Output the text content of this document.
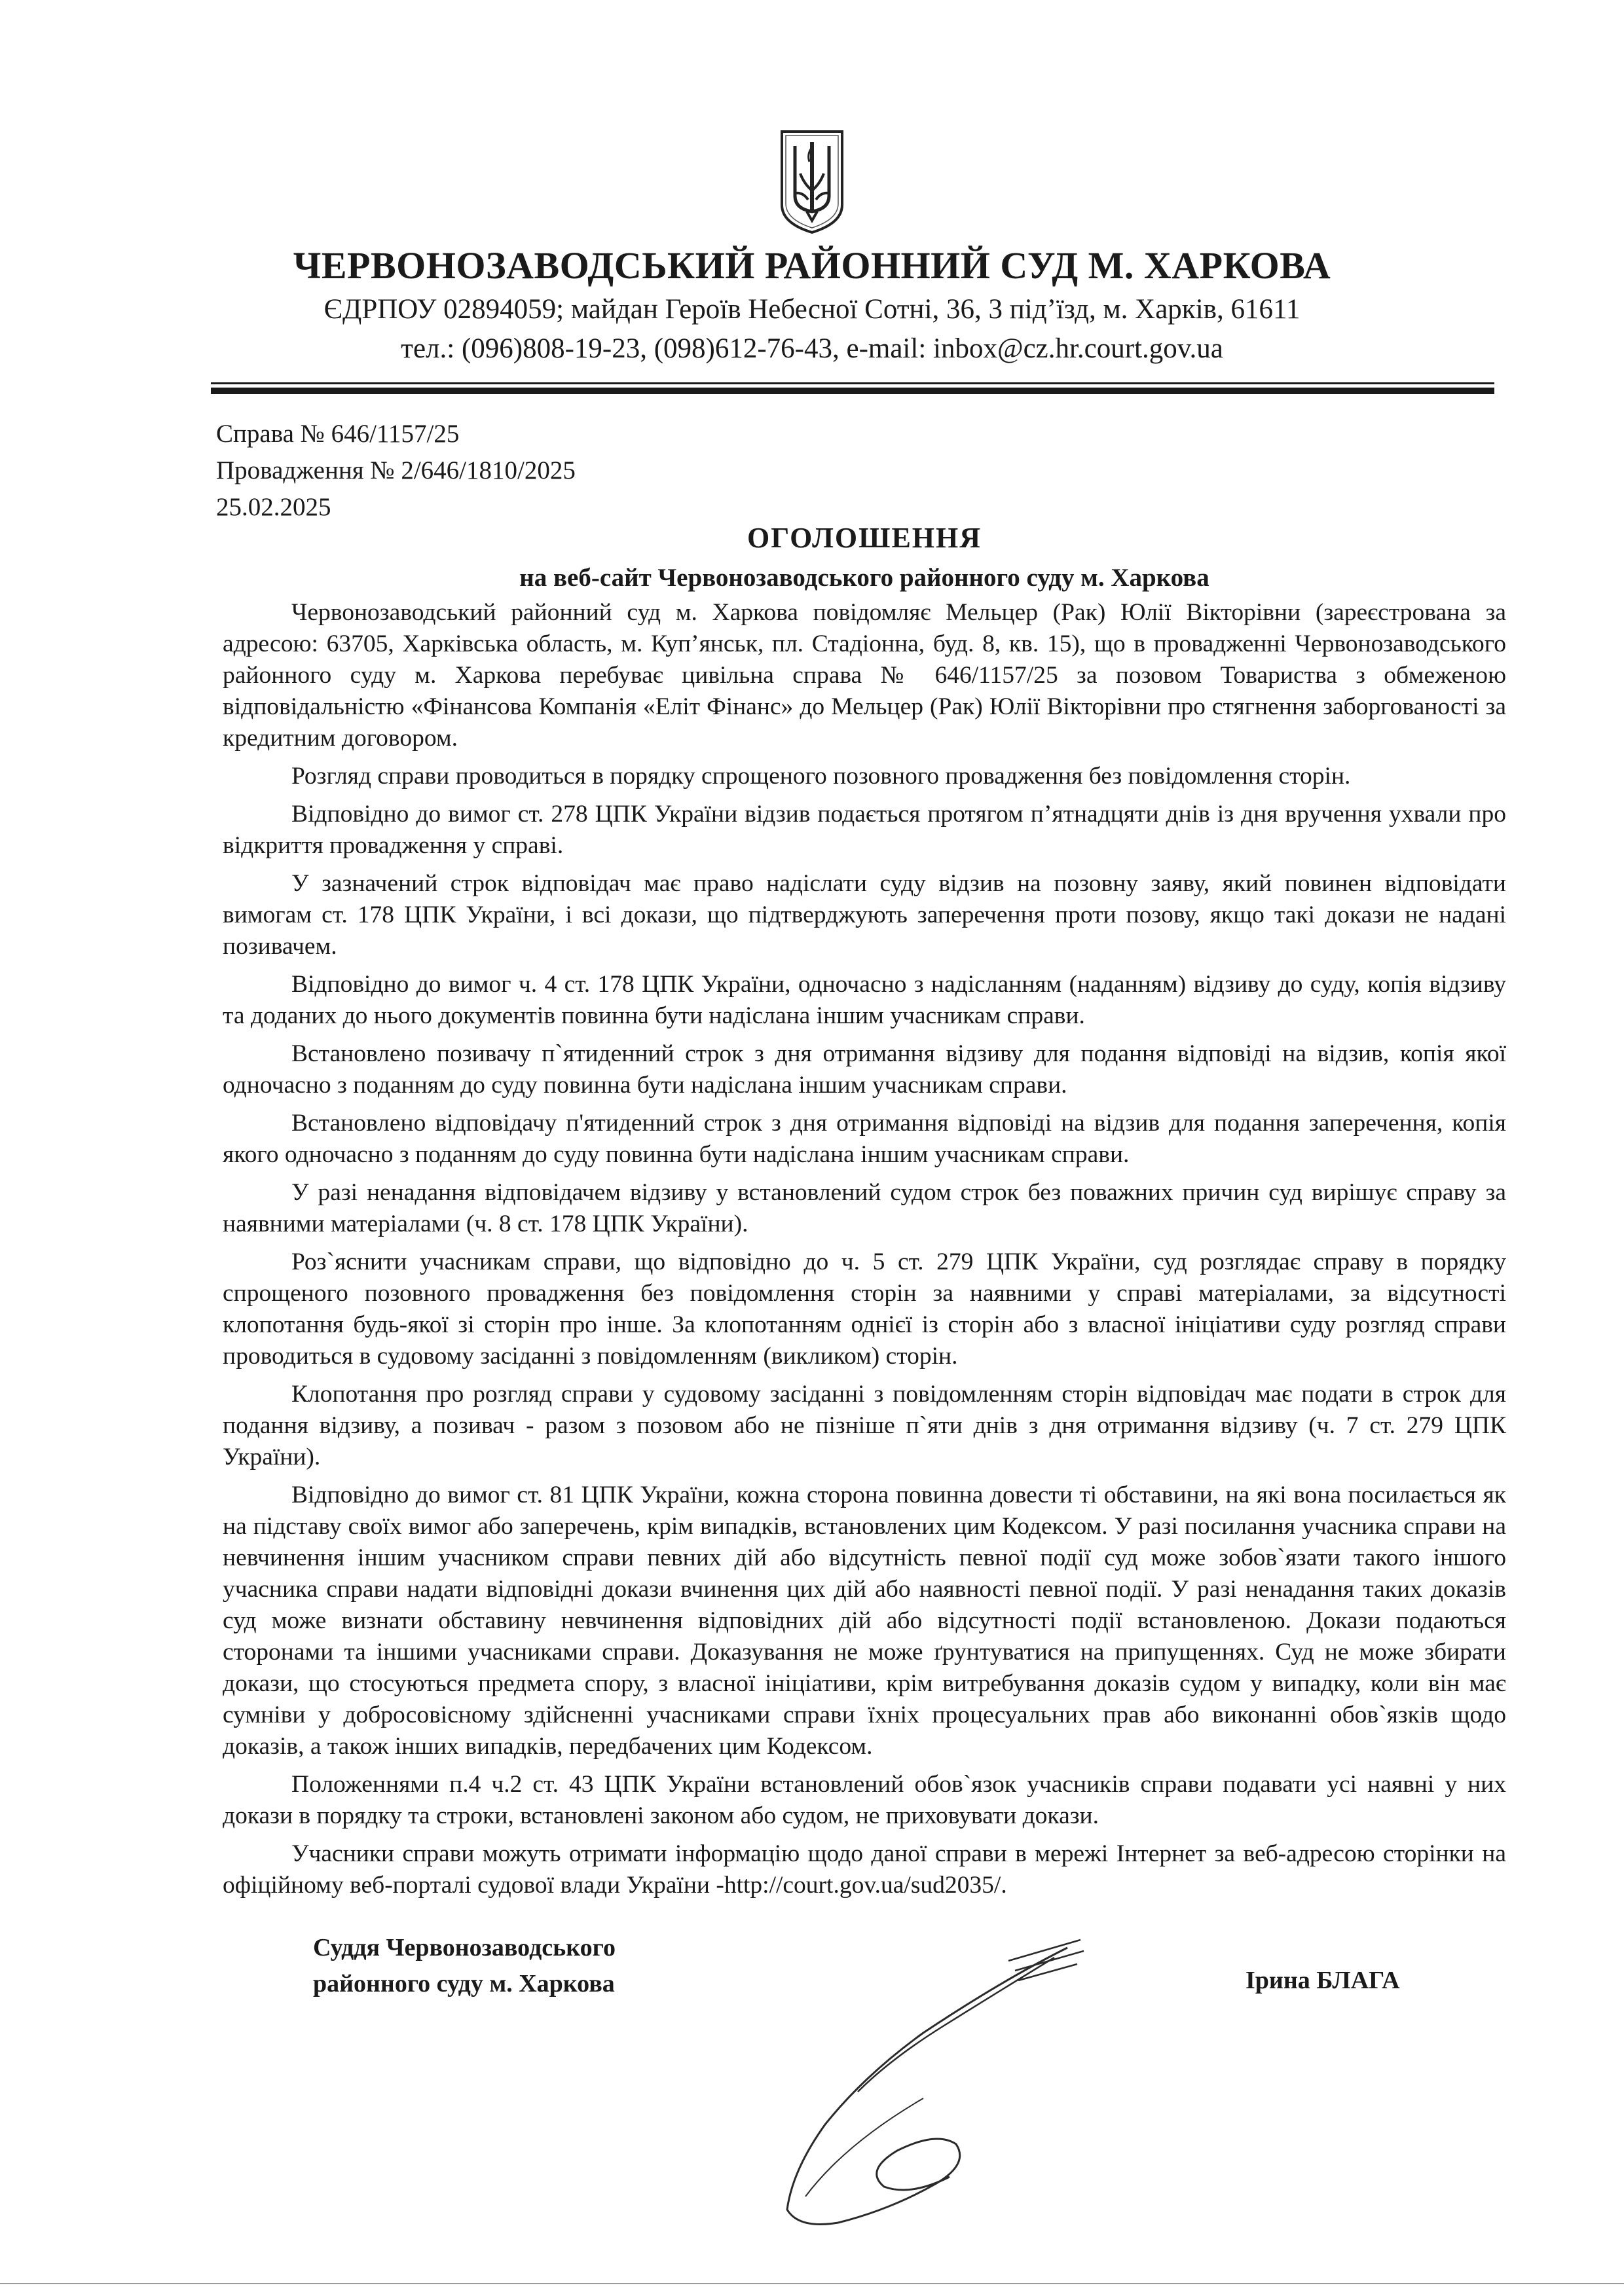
ЧЕРВОНОЗАВОДСЬКИЙ РАЙОННИЙ СУД М. ХАРКОВА
ЄДРПОУ 02894059; майдан Героїв Небесної Сотні, 36, 3 під’їзд, м. Харків, 61611
тел.: (096)808-19-23, (098)612-76-43, e-mail: inbox@cz.hr.court.gov.ua
Справа № 646/1157/25
Провадження № 2/646/1810/2025
25.02.2025
ОГОЛОШЕННЯ
на веб-сайт Червонозаводського районного суду м. Харкова

Червонозаводський районний суд м. Харкова повідомляє Мельцер (Рак) Юлії Вікторівни (зареєстрована за адресою: 63705, Харківська область, м. Куп’янськ, пл. Стадіонна, буд. 8, кв. 15), що в провадженні Червонозаводського районного суду м. Харкова перебуває цивільна справа № 646/1157/25 за позовом Товариства з обмеженою відповідальністю «Фінансова Компанія «Еліт Фінанс» до Мельцер (Рак) Юлії Вікторівни про стягнення заборгованості за кредитним договором.

Розгляд справи проводиться в порядку спрощеного позовного провадження без повідомлення сторін.

Відповідно до вимог ст. 278 ЦПК України відзив подається протягом п’ятнадцяти днів із дня вручення ухвали про відкриття провадження у справі.

У зазначений строк відповідач має право надіслати суду відзив на позовну заяву, який повинен відповідати вимогам ст. 178 ЦПК України, і всі докази, що підтверджують заперечення проти позову, якщо такі докази не надані позивачем.

Відповідно до вимог ч. 4 ст. 178 ЦПК України, одночасно з надісланням (наданням) відзиву до суду, копія відзиву та доданих до нього документів повинна бути надіслана іншим учасникам справи.

Встановлено позивачу п`ятиденний строк з дня отримання відзиву для подання відповіді на відзив, копія якої одночасно з поданням до суду повинна бути надіслана іншим учасникам справи.

Встановлено відповідачу п'ятиденний строк з дня отримання відповіді на відзив для подання заперечення, копія якого одночасно з поданням до суду повинна бути надіслана іншим учасникам справи.

У разі ненадання відповідачем відзиву у встановлений судом строк без поважних причин суд вирішує справу за наявними матеріалами (ч. 8 ст. 178 ЦПК України).

Роз`яснити учасникам справи, що відповідно до ч. 5 ст. 279 ЦПК України, суд розглядає справу в порядку спрощеного позовного провадження без повідомлення сторін за наявними у справі матеріалами, за відсутності клопотання будь-якої зі сторін про інше. За клопотанням однієї із сторін або з власної ініціативи суду розгляд справи проводиться в судовому засіданні з повідомленням (викликом) сторін.

Клопотання про розгляд справи у судовому засіданні з повідомленням сторін відповідач має подати в строк для подання відзиву, а позивач - разом з позовом або не пізніше п`яти днів з дня отримання відзиву (ч. 7 ст. 279 ЦПК України).

Відповідно до вимог ст. 81 ЦПК України, кожна сторона повинна довести ті обставини, на які вона посилається як на підставу своїх вимог або заперечень, крім випадків, встановлених цим Кодексом. У разі посилання учасника справи на невчинення іншим учасником справи певних дій або відсутність певної події суд може зобов`язати такого іншого учасника справи надати відповідні докази вчинення цих дій або наявності певної події. У разі ненадання таких доказів суд може визнати обставину невчинення відповідних дій або відсутності події встановленою. Докази подаються сторонами та іншими учасниками справи. Доказування не може ґрунтуватися на припущеннях. Суд не може збирати докази, що стосуються предмета спору, з власної ініціативи, крім витребування доказів судом у випадку, коли він має сумніви у добросовісному здійсненні учасниками справи їхніх процесуальних прав або виконанні обов`язків щодо доказів, а також інших випадків, передбачених цим Кодексом.

Положеннями п.4 ч.2 ст. 43 ЦПК України встановлений обов`язок учасників справи подавати усі наявні у них докази в порядку та строки, встановлені законом або судом, не приховувати докази.

Учасники справи можуть отримати інформацію щодо даної справи в мережі Інтернет за веб-адресою сторінки на офіційному веб-порталі судової влади України -http://court.gov.ua/sud2035/.

Суддя Червонозаводського
районного суду м. Харкова	Ірина БЛАГА
